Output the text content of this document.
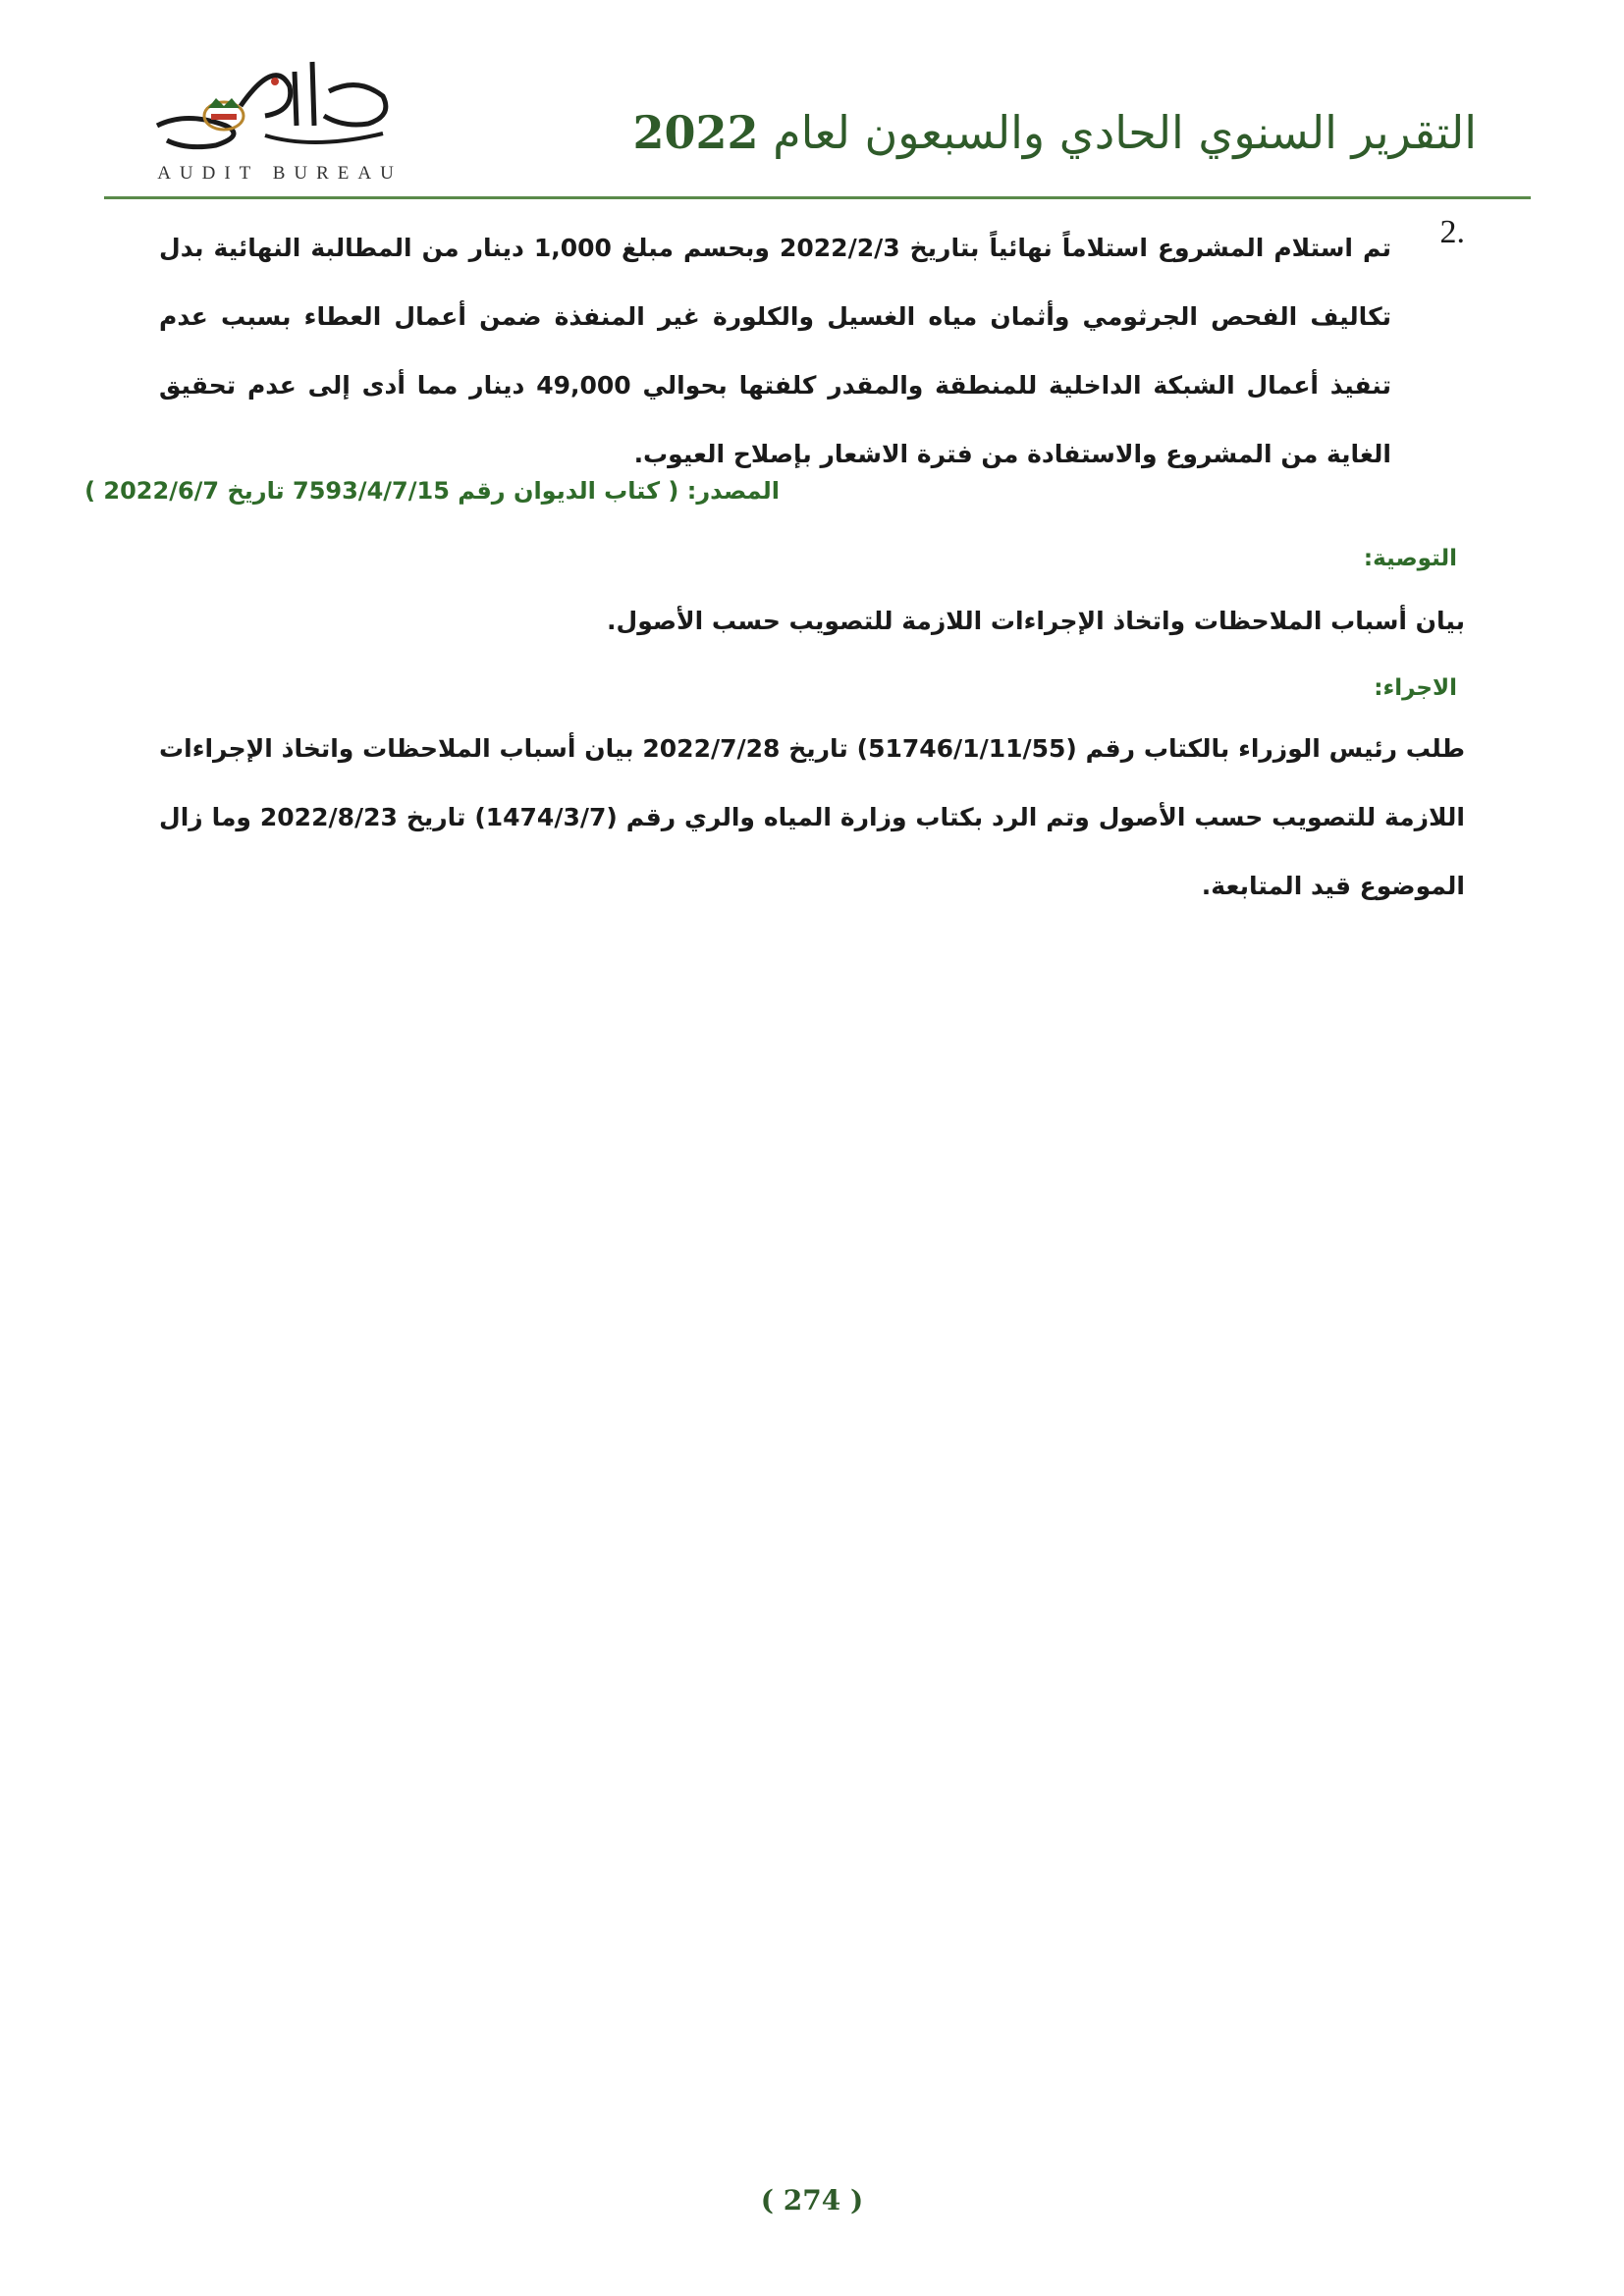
AUDIT BUREAU
التقرير السنوي الحادي والسبعون لعام 2022
2.
تم استلام المشروع استلاماً نهائياً بتاريخ 2022/2/3 وبحسم مبلغ 1,000 دينار من المطالبة النهائية بدل تكاليف الفحص الجرثومي وأثمان مياه الغسيل والكلورة غير المنفذة ضمن أعمال العطاء بسبب عدم تنفيذ أعمال الشبكة الداخلية للمنطقة والمقدر كلفتها بحوالي 49,000 دينار مما أدى إلى عدم تحقيق الغاية من المشروع والاستفادة من فترة الاشعار بإصلاح العيوب.
المصدر: ( كتاب الديوان رقم 7593/4/7/15 تاريخ 2022/6/7 )
التوصية:
بيان أسباب الملاحظات واتخاذ الإجراءات اللازمة للتصويب حسب الأصول.
الاجراء:
طلب رئيس الوزراء بالكتاب رقم (51746/1/11/55) تاريخ 2022/7/28 بيان أسباب الملاحظات واتخاذ الإجراءات اللازمة للتصويب حسب الأصول وتم الرد بكتاب وزارة المياه والري رقم (1474/3/7) تاريخ 2022/8/23 وما زال الموضوع قيد المتابعة.
( 274 )
